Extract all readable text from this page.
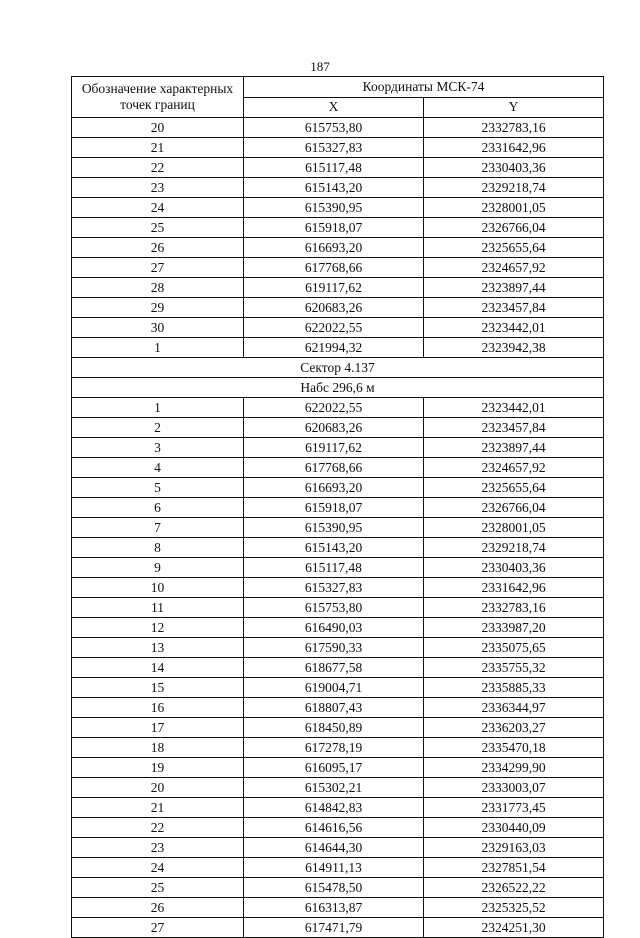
187
Обозначение характерных точек границ	Координаты МСК-74	
	X	Y
20	615753,80	2332783,16
21	615327,83	2331642,96
22	615117,48	2330403,36
23	615143,20	2329218,74
24	615390,95	2328001,05
25	615918,07	2326766,04
26	616693,20	2325655,64
27	617768,66	2324657,92
28	619117,62	2323897,44
29	620683,26	2323457,84
30	622022,55	2323442,01
1	621994,32	2323942,38
Сектор 4.137		
Набс 296,6 м		
1	622022,55	2323442,01
2	620683,26	2323457,84
3	619117,62	2323897,44
4	617768,66	2324657,92
5	616693,20	2325655,64
6	615918,07	2326766,04
7	615390,95	2328001,05
8	615143,20	2329218,74
9	615117,48	2330403,36
10	615327,83	2331642,96
11	615753,80	2332783,16
12	616490,03	2333987,20
13	617590,33	2335075,65
14	618677,58	2335755,32
15	619004,71	2335885,33
16	618807,43	2336344,97
17	618450,89	2336203,27
18	617278,19	2335470,18
19	616095,17	2334299,90
20	615302,21	2333003,07
21	614842,83	2331773,45
22	614616,56	2330440,09
23	614644,30	2329163,03
24	614911,13	2327851,54
25	615478,50	2326522,22
26	616313,87	2325325,52
27	617471,79	2324251,30
